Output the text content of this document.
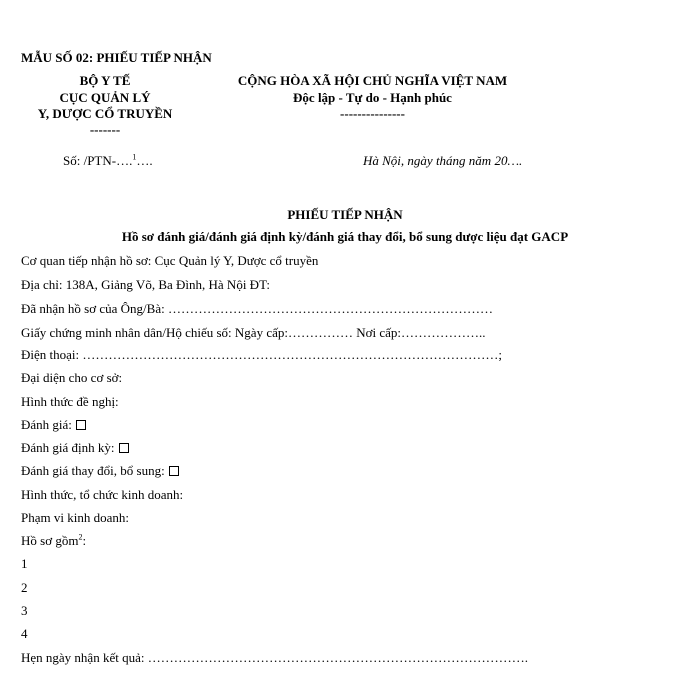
MẪU SỐ 02: PHIẾU TIẾP NHẬN
BỘ Y TẾ
CỤC QUẢN LÝ
Y, DƯỢC CỔ TRUYỀN
-------
CỘNG HÒA XÃ HỘI CHỦ NGHĨA VIỆT NAM
Độc lập - Tự do - Hạnh phúc
---------------
Số: /PTN-….$^1$….	Hà Nội, ngày tháng năm 20….
PHIẾU TIẾP NHẬN
Hồ sơ đánh giá/đánh giá định kỳ/đánh giá thay đổi, bổ sung dược liệu đạt GACP
Cơ quan tiếp nhận hồ sơ: Cục Quản lý Y, Dược cổ truyền
Địa chỉ: 138A, Giảng Võ, Ba Đình, Hà Nội ĐT:
Đã nhận hồ sơ của Ông/Bà: …………………………………………………………………
Giấy chứng minh nhân dân/Hộ chiếu số: Ngày cấp:…………… Nơi cấp:………………..
Điện thoại: ……………………………………………………………………………………;
Đại diện cho cơ sở:
Hình thức đề nghị:
Đánh giá:
Đánh giá định kỳ:
Đánh giá thay đổi, bổ sung:
Hình thức, tổ chức kinh doanh:
Phạm vi kinh doanh:
Hồ sơ gồm$^2$:
1
2
3
4
Hẹn ngày nhận kết quả: …………………………………………………………………………….
